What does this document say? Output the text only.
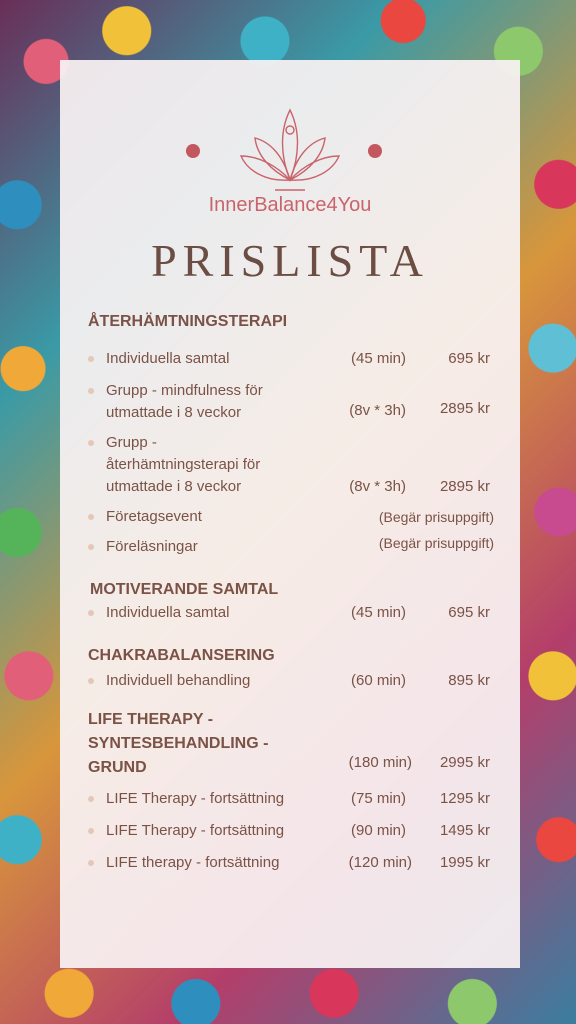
InnerBalance4You
PRISLISTA
ÅTERHÄMTNINGSTERAPI
Individuella samtal	(45 min)	695 kr
Grupp - mindfulness för
utmattade i 8 veckor	(8v * 3h) 2895 kr
Grupp -
återhämtningsterapi för
utmattade i 8 veckor	(8v * 3h) 2895 kr
Företagsevent	(Begär prisuppgift)
Föreläsningar	(Begär prisuppgift)
MOTIVERANDE SAMTAL
Individuella samtal	(45 min)	695 kr
CHAKRABALANSERING
Individuell behandling	(60 min)	895 kr
LIFE THERAPY -
SYNTESBEHANDLING -
GRUND	(180 min) 2995 kr
LIFE Therapy - fortsättning	(75 min) 1295 kr
LIFE Therapy - fortsättning	(90 min) 1495 kr
LIFE therapy - fortsättning	(120 min) 1995 kr
